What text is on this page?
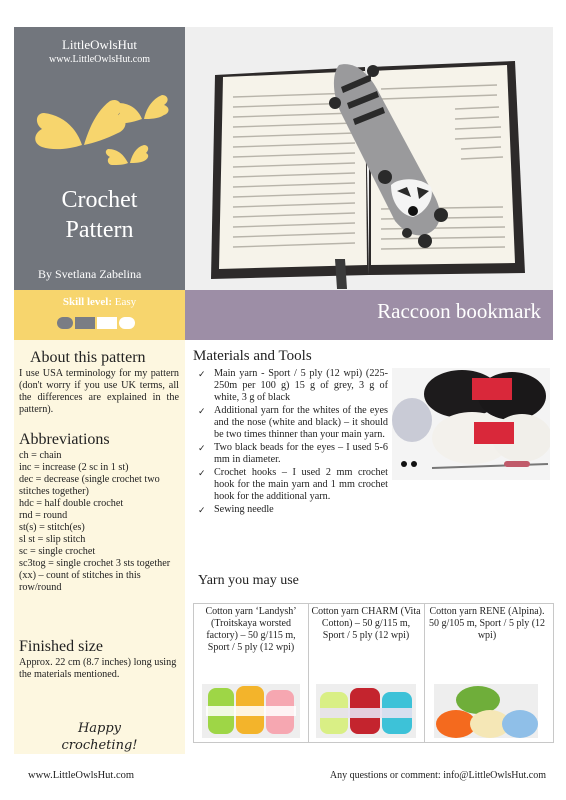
LittleOwlsHut
www.LittleOwlsHut.com
Crochet
Pattern
By Svetlana Zabelina
Skill level: Easy	Raccoon bookmark
About this pattern
I use USA terminology for my pattern (don't worry if you use UK terms, all the differences are explained in the pattern).
Abbreviations
ch = chain
inc = increase (2 sc in 1 st)
dec = decrease (single crochet two stitches together)
hdc = half double crochet
rnd = round
st(s) = stitch(es)
sl st = slip stitch
sc = single crochet
sc3tog = single crochet 3 sts together
(xx) – count of stitches in this row/round
Finished size
Approx. 22 cm (8.7 inches) long using the materials mentioned.
Happy
crocheting!
Materials and Tools
✓ Main yarn - Sport / 5 ply (12 wpi) (225-250m per 100 g) 15 g of grey, 3 g of white, 3 g of black
✓ Additional yarn for the whites of the eyes and the nose (white and black) – it should be two times thinner than your main yarn.
✓ Two black beads for the eyes – I used 5-6 mm in diameter.
✓ Crochet hooks – I used 2 mm crochet hook for the main yarn and 1 mm crochet hook for the additional yarn.
✓ Sewing needle
Yarn you may use
Cotton yarn ‘Landysh’ (Troitskaya worsted factory) – 50 g/115 m, Sport / 5 ply (12 wpi)
Cotton yarn CHARM (Vita Cotton) – 50 g/115 m, Sport / 5 ply (12 wpi)
Cotton yarn RENE (Alpina). 50 g/105 m, Sport / 5 ply (12 wpi)
www.LittleOwlsHut.com	Any questions or comment: info@LittleOwlsHut.com
